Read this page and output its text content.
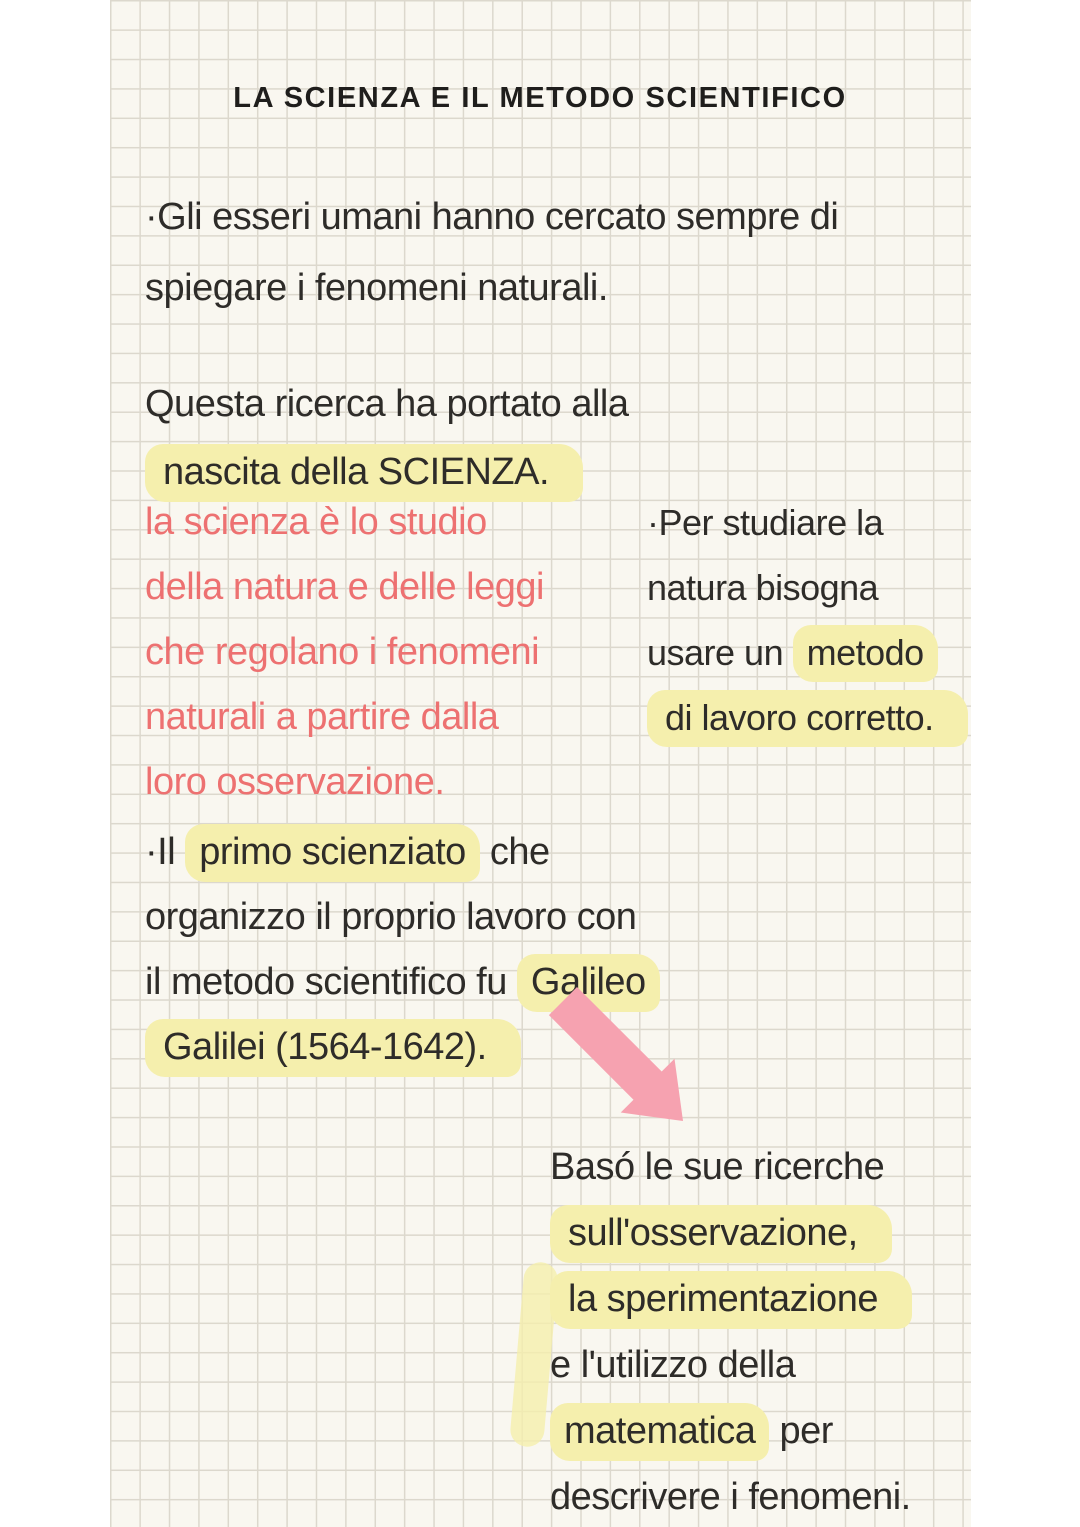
LA SCIENZA E IL METODO SCIENTIFICO
·Gli esseri umani hanno cercato sempre di
spiegare i fenomeni naturali.
Questa ricerca ha portato alla
nascita della SCIENZA.
la scienza è lo studio
della natura e delle leggi
che regolano i fenomeni
naturali a partire dalla
loro osservazione.
·Per studiare la
natura bisogna
usare un metodo
di lavoro corretto.
·Il primo scienziato che
organizzo il proprio lavoro con
il metodo scientifico fu Galileo
Galilei (1564-1642).
Basó le sue ricerche
sull'osservazione,
la sperimentazione
e l'utilizzo della
matematica per
descrivere i fenomeni.
